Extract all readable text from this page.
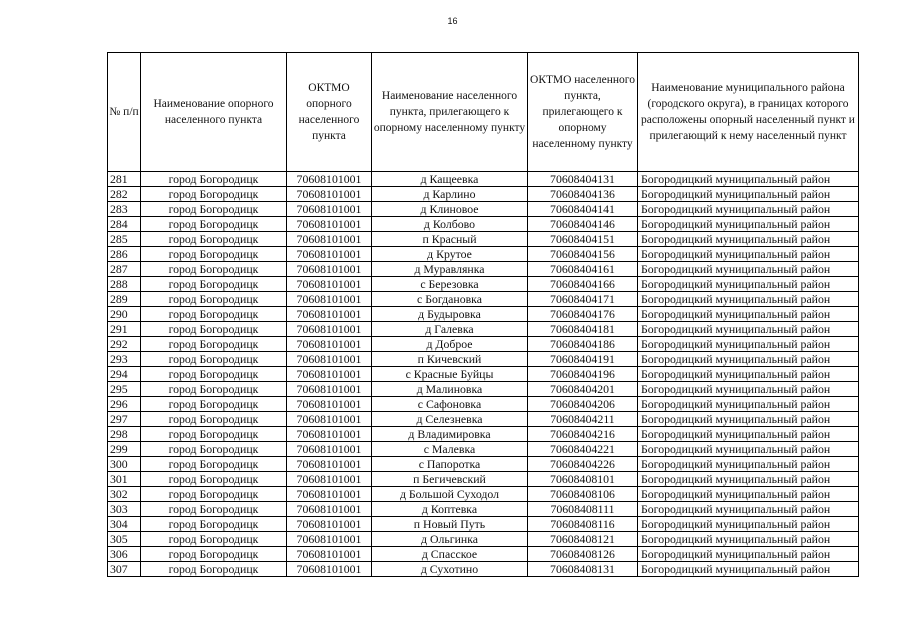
16
№ п/п	Наименование опорного населенного пункта	ОКТМО опорного населенного пункта	Наименование населенного пункта, прилегающего к опорному населенному пункту	ОКТМО населенного пункта, прилегающего к опорному населенному пункту	Наименование муниципального района (городского округа), в границах которого расположены опорный населенный пункт и прилегающий к нему населенный пункт
281	город Богородицк	70608101001	д Кащеевка	70608404131	Богородицкий муниципальный район
282	город Богородицк	70608101001	д Карлино	70608404136	Богородицкий муниципальный район
283	город Богородицк	70608101001	д Клиновое	70608404141	Богородицкий муниципальный район
284	город Богородицк	70608101001	д Колбово	70608404146	Богородицкий муниципальный район
285	город Богородицк	70608101001	п Красный	70608404151	Богородицкий муниципальный район
286	город Богородицк	70608101001	д Крутое	70608404156	Богородицкий муниципальный район
287	город Богородицк	70608101001	д Муравлянка	70608404161	Богородицкий муниципальный район
288	город Богородицк	70608101001	с Березовка	70608404166	Богородицкий муниципальный район
289	город Богородицк	70608101001	с Богдановка	70608404171	Богородицкий муниципальный район
290	город Богородицк	70608101001	д Будыровка	70608404176	Богородицкий муниципальный район
291	город Богородицк	70608101001	д Галевка	70608404181	Богородицкий муниципальный район
292	город Богородицк	70608101001	д Доброе	70608404186	Богородицкий муниципальный район
293	город Богородицк	70608101001	п Кичевский	70608404191	Богородицкий муниципальный район
294	город Богородицк	70608101001	с Красные Буйцы	70608404196	Богородицкий муниципальный район
295	город Богородицк	70608101001	д Малиновка	70608404201	Богородицкий муниципальный район
296	город Богородицк	70608101001	с Сафоновка	70608404206	Богородицкий муниципальный район
297	город Богородицк	70608101001	д Селезневка	70608404211	Богородицкий муниципальный район
298	город Богородицк	70608101001	д Владимировка	70608404216	Богородицкий муниципальный район
299	город Богородицк	70608101001	с Малевка	70608404221	Богородицкий муниципальный район
300	город Богородицк	70608101001	с Папоротка	70608404226	Богородицкий муниципальный район
301	город Богородицк	70608101001	п Бегичевский	70608408101	Богородицкий муниципальный район
302	город Богородицк	70608101001	д Большой Суходол	70608408106	Богородицкий муниципальный район
303	город Богородицк	70608101001	д Коптевка	70608408111	Богородицкий муниципальный район
304	город Богородицк	70608101001	п Новый Путь	70608408116	Богородицкий муниципальный район
305	город Богородицк	70608101001	д Ольгинка	70608408121	Богородицкий муниципальный район
306	город Богородицк	70608101001	д Спасское	70608408126	Богородицкий муниципальный район
307	город Богородицк	70608101001	д Сухотино	70608408131	Богородицкий муниципальный район
